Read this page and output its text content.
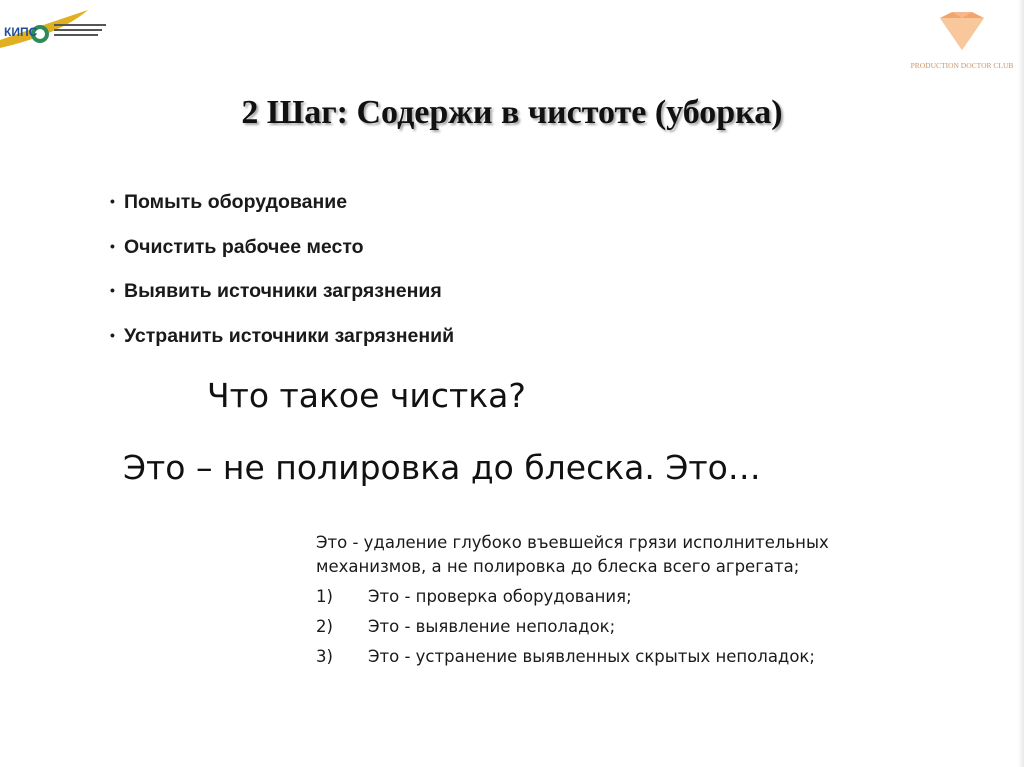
КИПС
PRODUCTION DOCTOR CLUB
2 Шаг: Содержи в чистоте (уборка)
• Помыть оборудование
• Очистить рабочее место
• Выявить источники загрязнения
• Устранить источники загрязнений

Что такое чистка?

Это – не полировка до блеска. Это…

Это - удаление глубоко въевшейся грязи исполнительных механизмов, а не полировка до блеска всего агрегата;

1)	Это - проверка оборудования;
2)	Это - выявление неполадок;
3)	Это - устранение выявленных скрытых неполадок;
